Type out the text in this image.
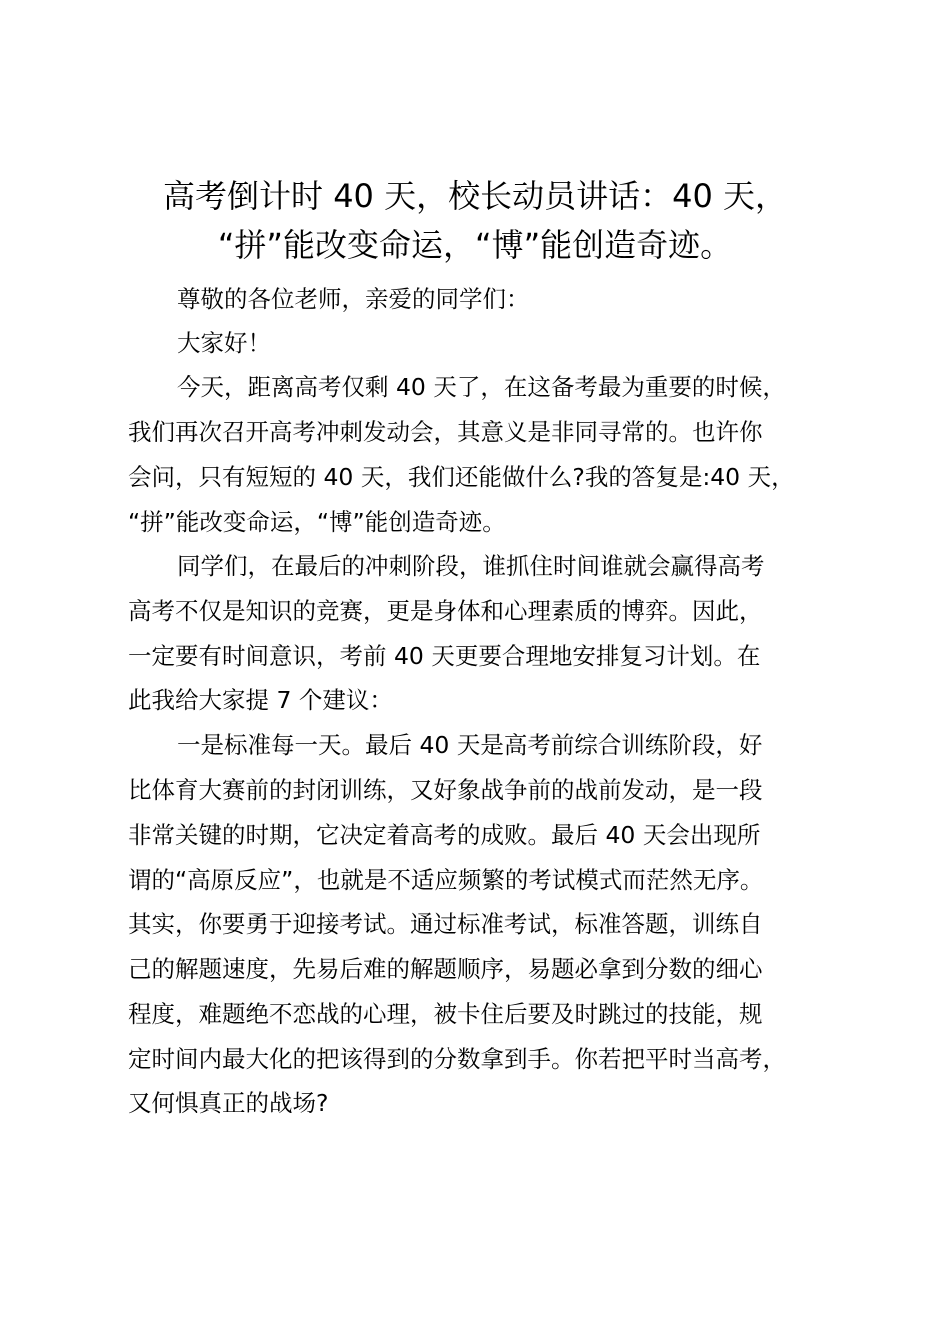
高考倒计时 40 天，校长动员讲话：40 天，
“拼”能改变命运，“博”能创造奇迹。

尊敬的各位老师，亲爱的同学们：

大家好！

今天，距离高考仅剩 40 天了，在这备考最为重要的时候，

我们再次召开高考冲刺发动会，其意义是非同寻常的。也许你

会问，只有短短的 40 天，我们还能做什么?我的答复是:40 天，

“拼”能改变命运，“博”能创造奇迹。

同学们，在最后的冲刺阶段，谁抓住时间谁就会赢得高考

高考不仅是知识的竞赛，更是身体和心理素质的博弈。因此，

一定要有时间意识，考前 40 天更要合理地安排复习计划。在

此我给大家提 7 个建议：

一是标准每一天。最后 40 天是高考前综合训练阶段，好

比体育大赛前的封闭训练，又好象战争前的战前发动，是一段

非常关键的时期，它决定着高考的成败。最后 40 天会出现所

谓的“高原反应”，也就是不适应频繁的考试模式而茫然无序。

其实，你要勇于迎接考试。通过标准考试，标准答题，训练自

己的解题速度，先易后难的解题顺序，易题必拿到分数的细心

程度，难题绝不恋战的心理，被卡住后要及时跳过的技能，规

定时间内最大化的把该得到的分数拿到手。你若把平时当高考，

又何惧真正的战场?
